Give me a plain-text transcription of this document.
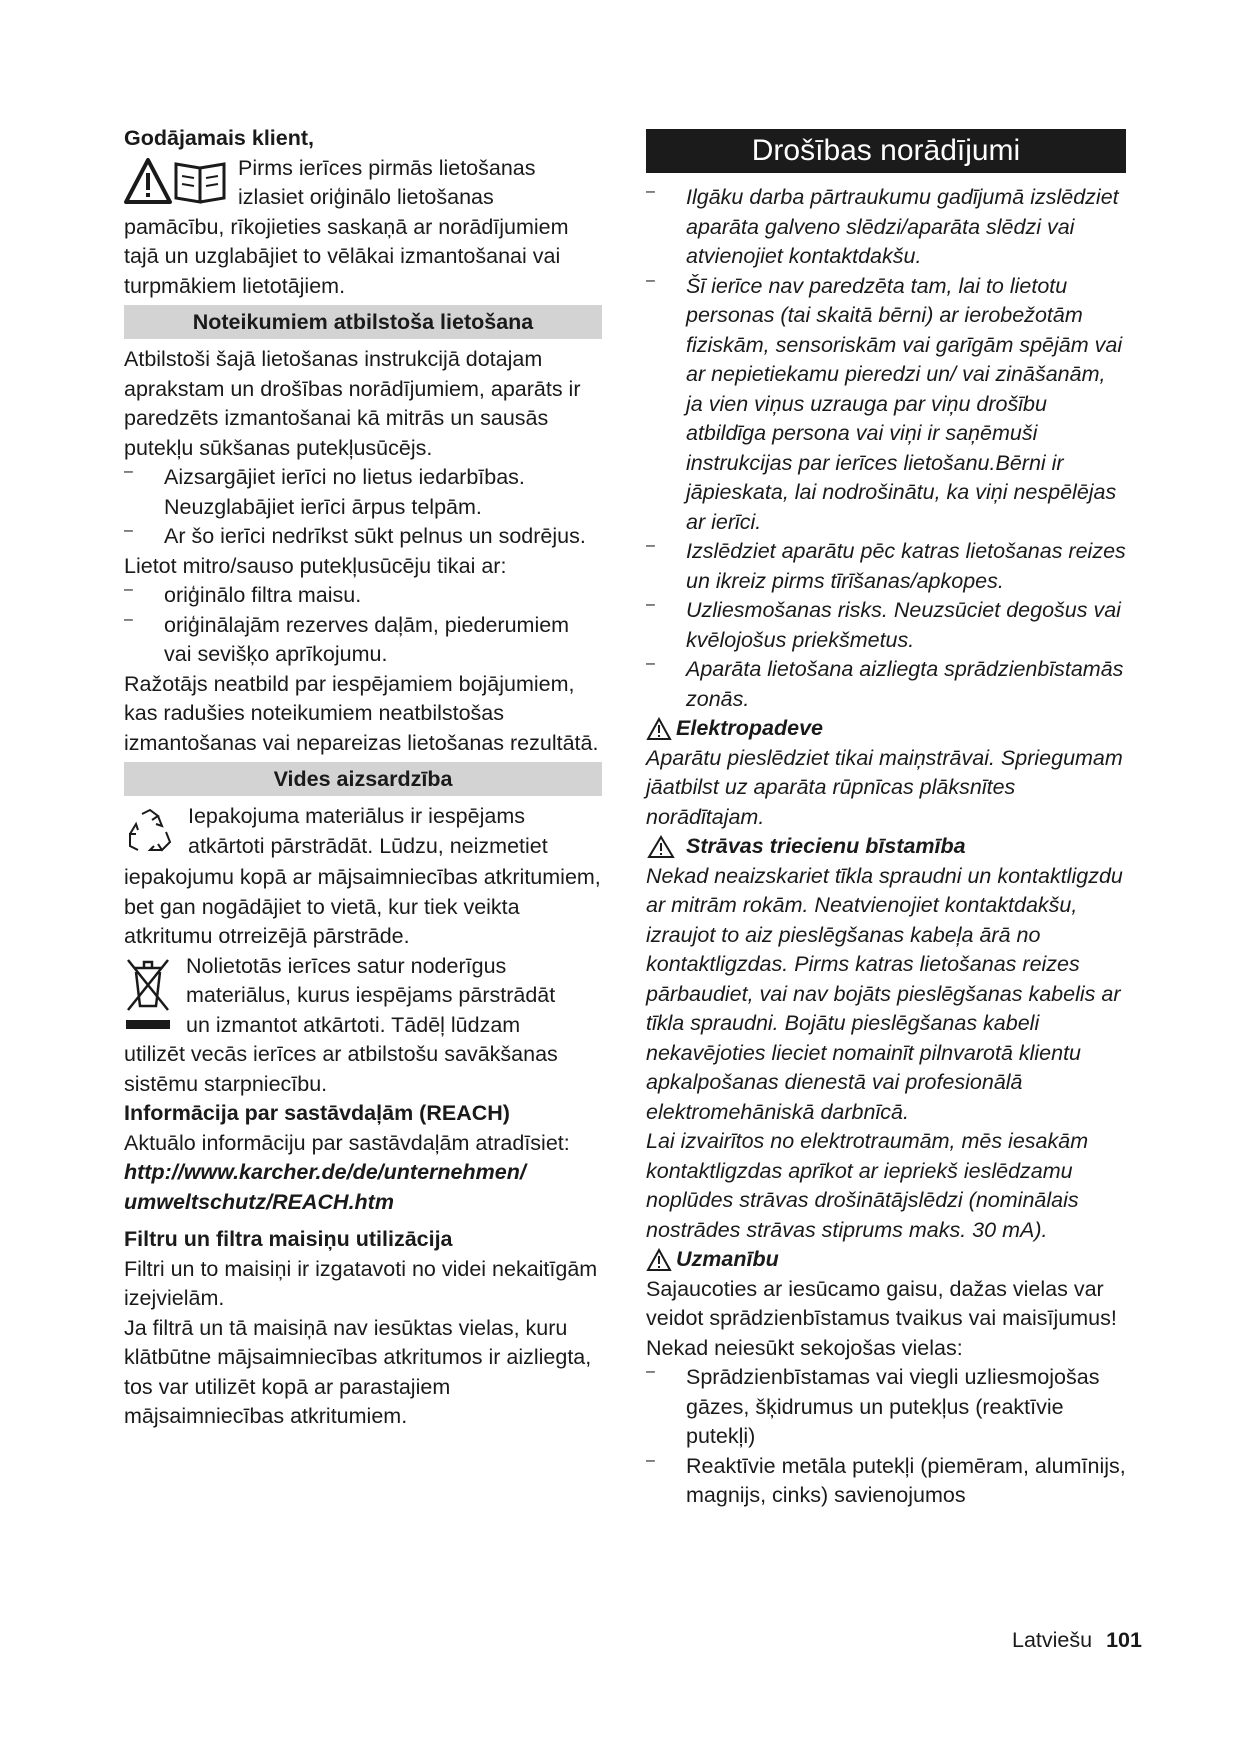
Godājamais klient,

Pirms ierīces pirmās lietošanas

izlasiet oriģinālo lietošanas

pamācību, rīkojieties saskaņā ar norādījumiem tajā un uzglabājiet to vēlākai izmantošanai vai turpmākiem lietotājiem.

Noteikumiem atbilstoša lietošana

Atbilstoši šajā lietošanas instrukcijā dotajam aprakstam un drošības norādījumiem, aparāts ir paredzēts izmantošanai kā mitrās un sausās putekļu sūkšanas putekļusūcējs.

–	Aizsargājiet ierīci no lietus iedarbības. Neuzglabājiet ierīci ārpus telpām.
–	Ar šo ierīci nedrīkst sūkt pelnus un sodrējus.

Lietot mitro/sauso putekļusūcēju tikai ar:

–	oriģinālo filtra maisu.
–	oriģinālajām rezerves daļām, piederumiem vai sevišķo aprīkojumu.

Ražotājs neatbild par iespējamiem bojājumiem, kas radušies noteikumiem neatbilstošas izmantošanas vai nepareizas lietošanas rezultātā.

Vides aizsardzība

Iepakojuma materiālus ir iespējams

atkārtoti pārstrādāt. Lūdzu, neizmetiet

iepakojumu kopā ar mājsaimniecības atkritumiem, bet gan nogādājiet to vietā, kur tiek veikta atkritumu otrreizējā pārstrāde.

Nolietotās ierīces satur noderīgus

materiālus, kurus iespējams pārstrādāt

un izmantot atkārtoti. Tādēļ lūdzam

utilizēt vecās ierīces ar atbilstošu savākšanas sistēmu starpniecību.

Informācija par sastāvdaļām (REACH)

Aktuālo informāciju par sastāvdaļām atradīsiet:

http://www.karcher.de/de/unternehmen/

umweltschutz/REACH.htm

Filtru un filtra maisiņu utilizācija

Filtri un to maisiņi ir izgatavoti no videi nekaitīgām izejvielām.

Ja filtrā un tā maisiņā nav iesūktas vielas, kuru klātbūtne mājsaimniecības atkritumos ir aizliegta, tos var utilizēt kopā ar parastajiem mājsaimniecības atkritumiem.

Drošības norādījumi
–	Ilgāku darba pārtraukumu gadījumā izslēdziet aparāta galveno slēdzi/aparāta slēdzi vai atvienojiet kontaktdakšu.
–	Šī ierīce nav paredzēta tam, lai to lietotu personas (tai skaitā bērni) ar ierobežotām fiziskām, sensoriskām vai garīgām spējām vai ar nepietiekamu pieredzi un/ vai zināšanām, ja vien viņus uzrauga par viņu drošību atbildīga persona vai viņi ir saņēmuši instrukcijas par ierīces lietošanu.Bērni ir jāpieskata, lai nodrošinātu, ka viņi nespēlējas ar ierīci.
–	Izslēdziet aparātu pēc katras lietošanas reizes un ikreiz pirms tīrīšanas/apkopes.
–	Uzliesmošanas risks. Neuzsūciet degošus vai kvēlojošus priekšmetus.
–	Aparāta lietošana aizliegta sprādzienbīstamās zonās.
Elektropadeve

Aparātu pieslēdziet tikai maiņstrāvai. Spriegumam jāatbilst uz aparāta rūpnīcas plāksnītes norādītajam.

Strāvas triecienu bīstamība

Nekad neaizskariet tīkla spraudni un kontaktligzdu ar mitrām rokām. Neatvienojiet kontaktdakšu, izraujot to aiz pieslēgšanas kabeļa ārā no kontaktligzdas. Pirms katras lietošanas reizes pārbaudiet, vai nav bojāts pieslēgšanas kabelis ar tīkla spraudni. Bojātu pieslēgšanas kabeli nekavējoties lieciet nomainīt pilnvarotā klientu apkalpošanas dienestā vai profesionālā elektromehāniskā darbnīcā.

Lai izvairītos no elektrotraumām, mēs iesakām kontaktligzdas aprīkot ar iepriekš ieslēdzamu noplūdes strāvas drošinātājslēdzi (nominālais nostrādes strāvas stiprums maks. 30 mA).

Uzmanību

Sajaucoties ar iesūcamo gaisu, dažas vielas var veidot sprādzienbīstamus tvaikus vai maisījumus!

Nekad neiesūkt sekojošas vielas:

–	Sprādzienbīstamas vai viegli uzliesmojošas gāzes, šķidrumus un putekļus (reaktīvie putekļi)
–	Reaktīvie metāla putekļi (piemēram, alumīnijs, magnijs, cinks) savienojumos
Latviešu 101
